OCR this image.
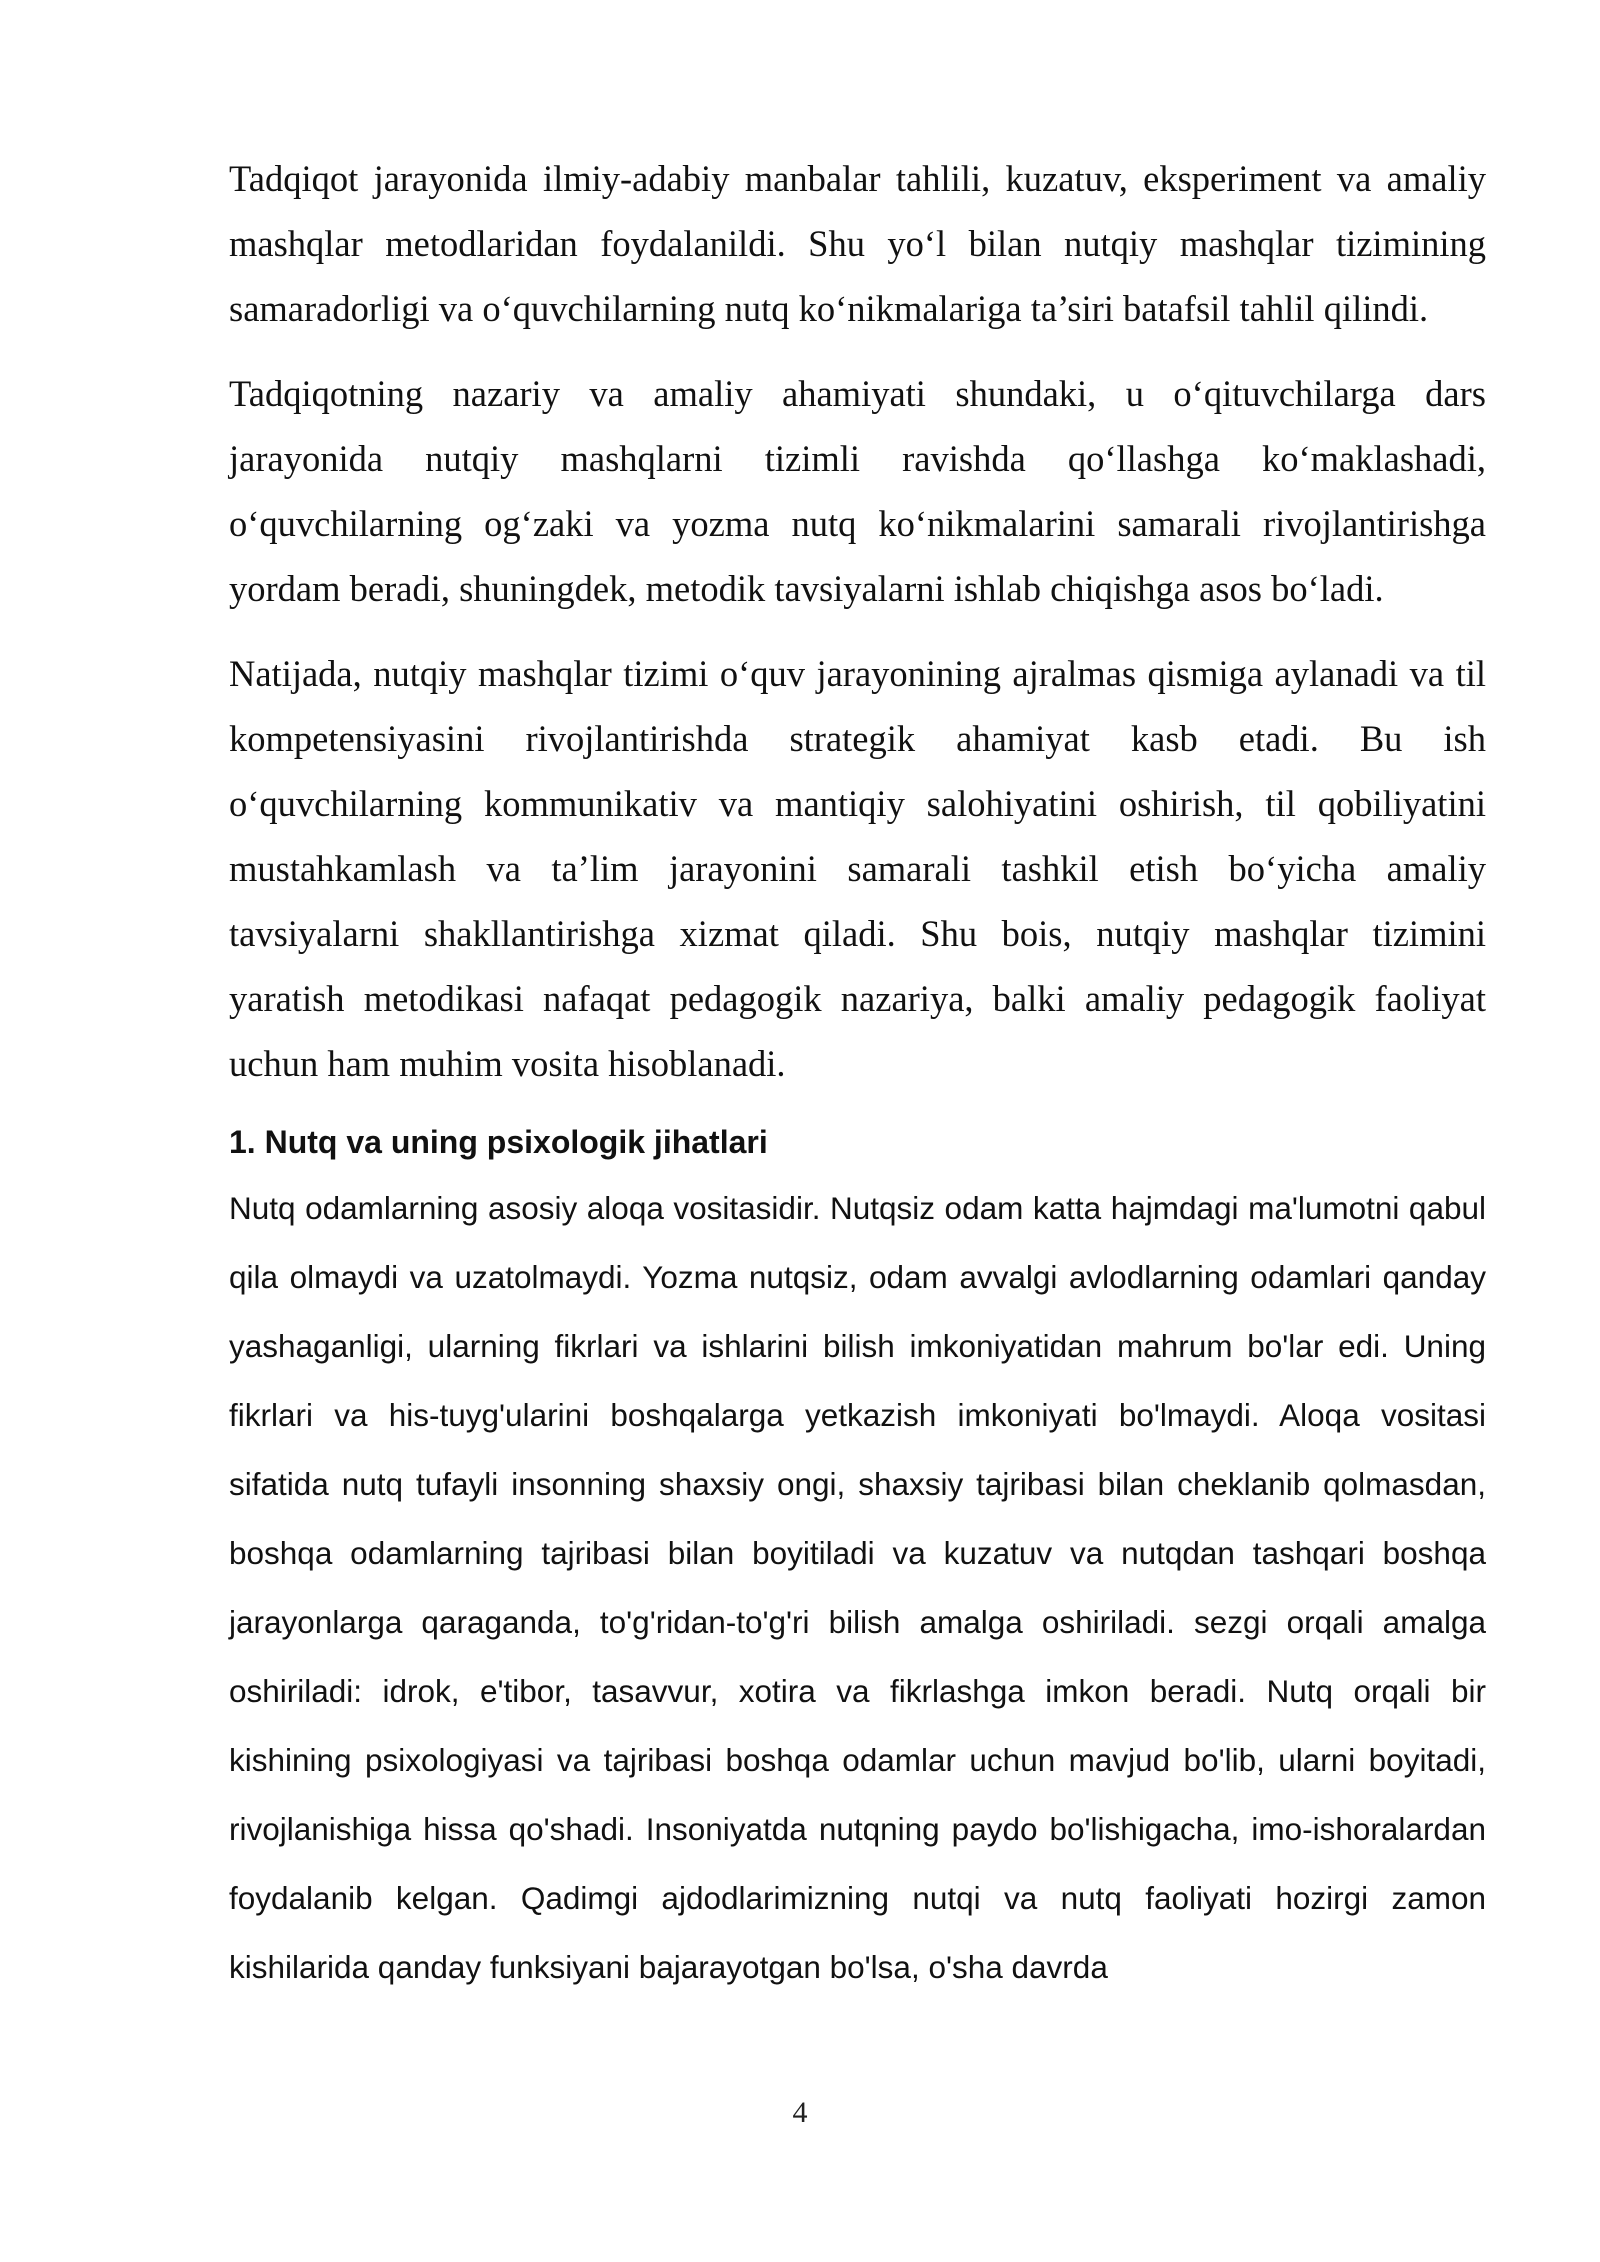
Tadqiqot jarayonida ilmiy-adabiy manbalar tahlili, kuzatuv, eksperiment va amaliy mashqlar metodlaridan foydalanildi. Shu yo‘l bilan nutqiy mashqlar tizimining samaradorligi va o‘quvchilarning nutq ko‘nikmalariga ta’siri batafsil tahlil qilindi.

Tadqiqotning nazariy va amaliy ahamiyati shundaki, u o‘qituvchilarga dars jarayonida nutqiy mashqlarni tizimli ravishda qo‘llashga ko‘maklashadi, o‘quvchilarning og‘zaki va yozma nutq ko‘nikmalarini samarali rivojlantirishga yordam beradi, shuningdek, metodik tavsiyalarni ishlab chiqishga asos bo‘ladi.

Natijada, nutqiy mashqlar tizimi o‘quv jarayonining ajralmas qismiga aylanadi va til kompetensiyasini rivojlantirishda strategik ahamiyat kasb etadi. Bu ish o‘quvchilarning kommunikativ va mantiqiy salohiyatini oshirish, til qobiliyatini mustahkamlash va ta’lim jarayonini samarali tashkil etish bo‘yicha amaliy tavsiyalarni shakllantirishga xizmat qiladi. Shu bois, nutqiy mashqlar tizimini yaratish metodikasi nafaqat pedagogik nazariya, balki amaliy pedagogik faoliyat uchun ham muhim vosita hisoblanadi.

1. Nutq va uning psixologik jihatlari

Nutq odamlarning asosiy aloqa vositasidir. Nutqsiz odam katta hajmdagi ma'lumotni qabul qila olmaydi va uzatolmaydi. Yozma nutqsiz, odam avvalgi avlodlarning odamlari qanday yashaganligi, ularning fikrlari va ishlarini bilish imkoniyatidan mahrum bo'lar edi. Uning fikrlari va his-tuyg'ularini boshqalarga yetkazish imkoniyati bo'lmaydi. Aloqa vositasi sifatida nutq tufayli insonning shaxsiy ongi, shaxsiy tajribasi bilan cheklanib qolmasdan, boshqa odamlarning tajribasi bilan boyitiladi va kuzatuv va nutqdan tashqari boshqa jarayonlarga qaraganda, to'g'ridan-to'g'ri bilish amalga oshiriladi. sezgi orqali amalga oshiriladi: idrok, e'tibor, tasavvur, xotira va fikrlashga imkon beradi. Nutq orqali bir kishining psixologiyasi va tajribasi boshqa odamlar uchun mavjud bo'lib, ularni boyitadi, rivojlanishiga hissa qo'shadi. Insoniyatda nutqning paydo bo'lishigacha, imo-ishoralardan foydalanib kelgan. Qadimgi ajdodlarimizning nutqi va nutq faoliyati hozirgi zamon kishilarida qanday funksiyani bajarayotgan bo'lsa, o'sha davrda

4
